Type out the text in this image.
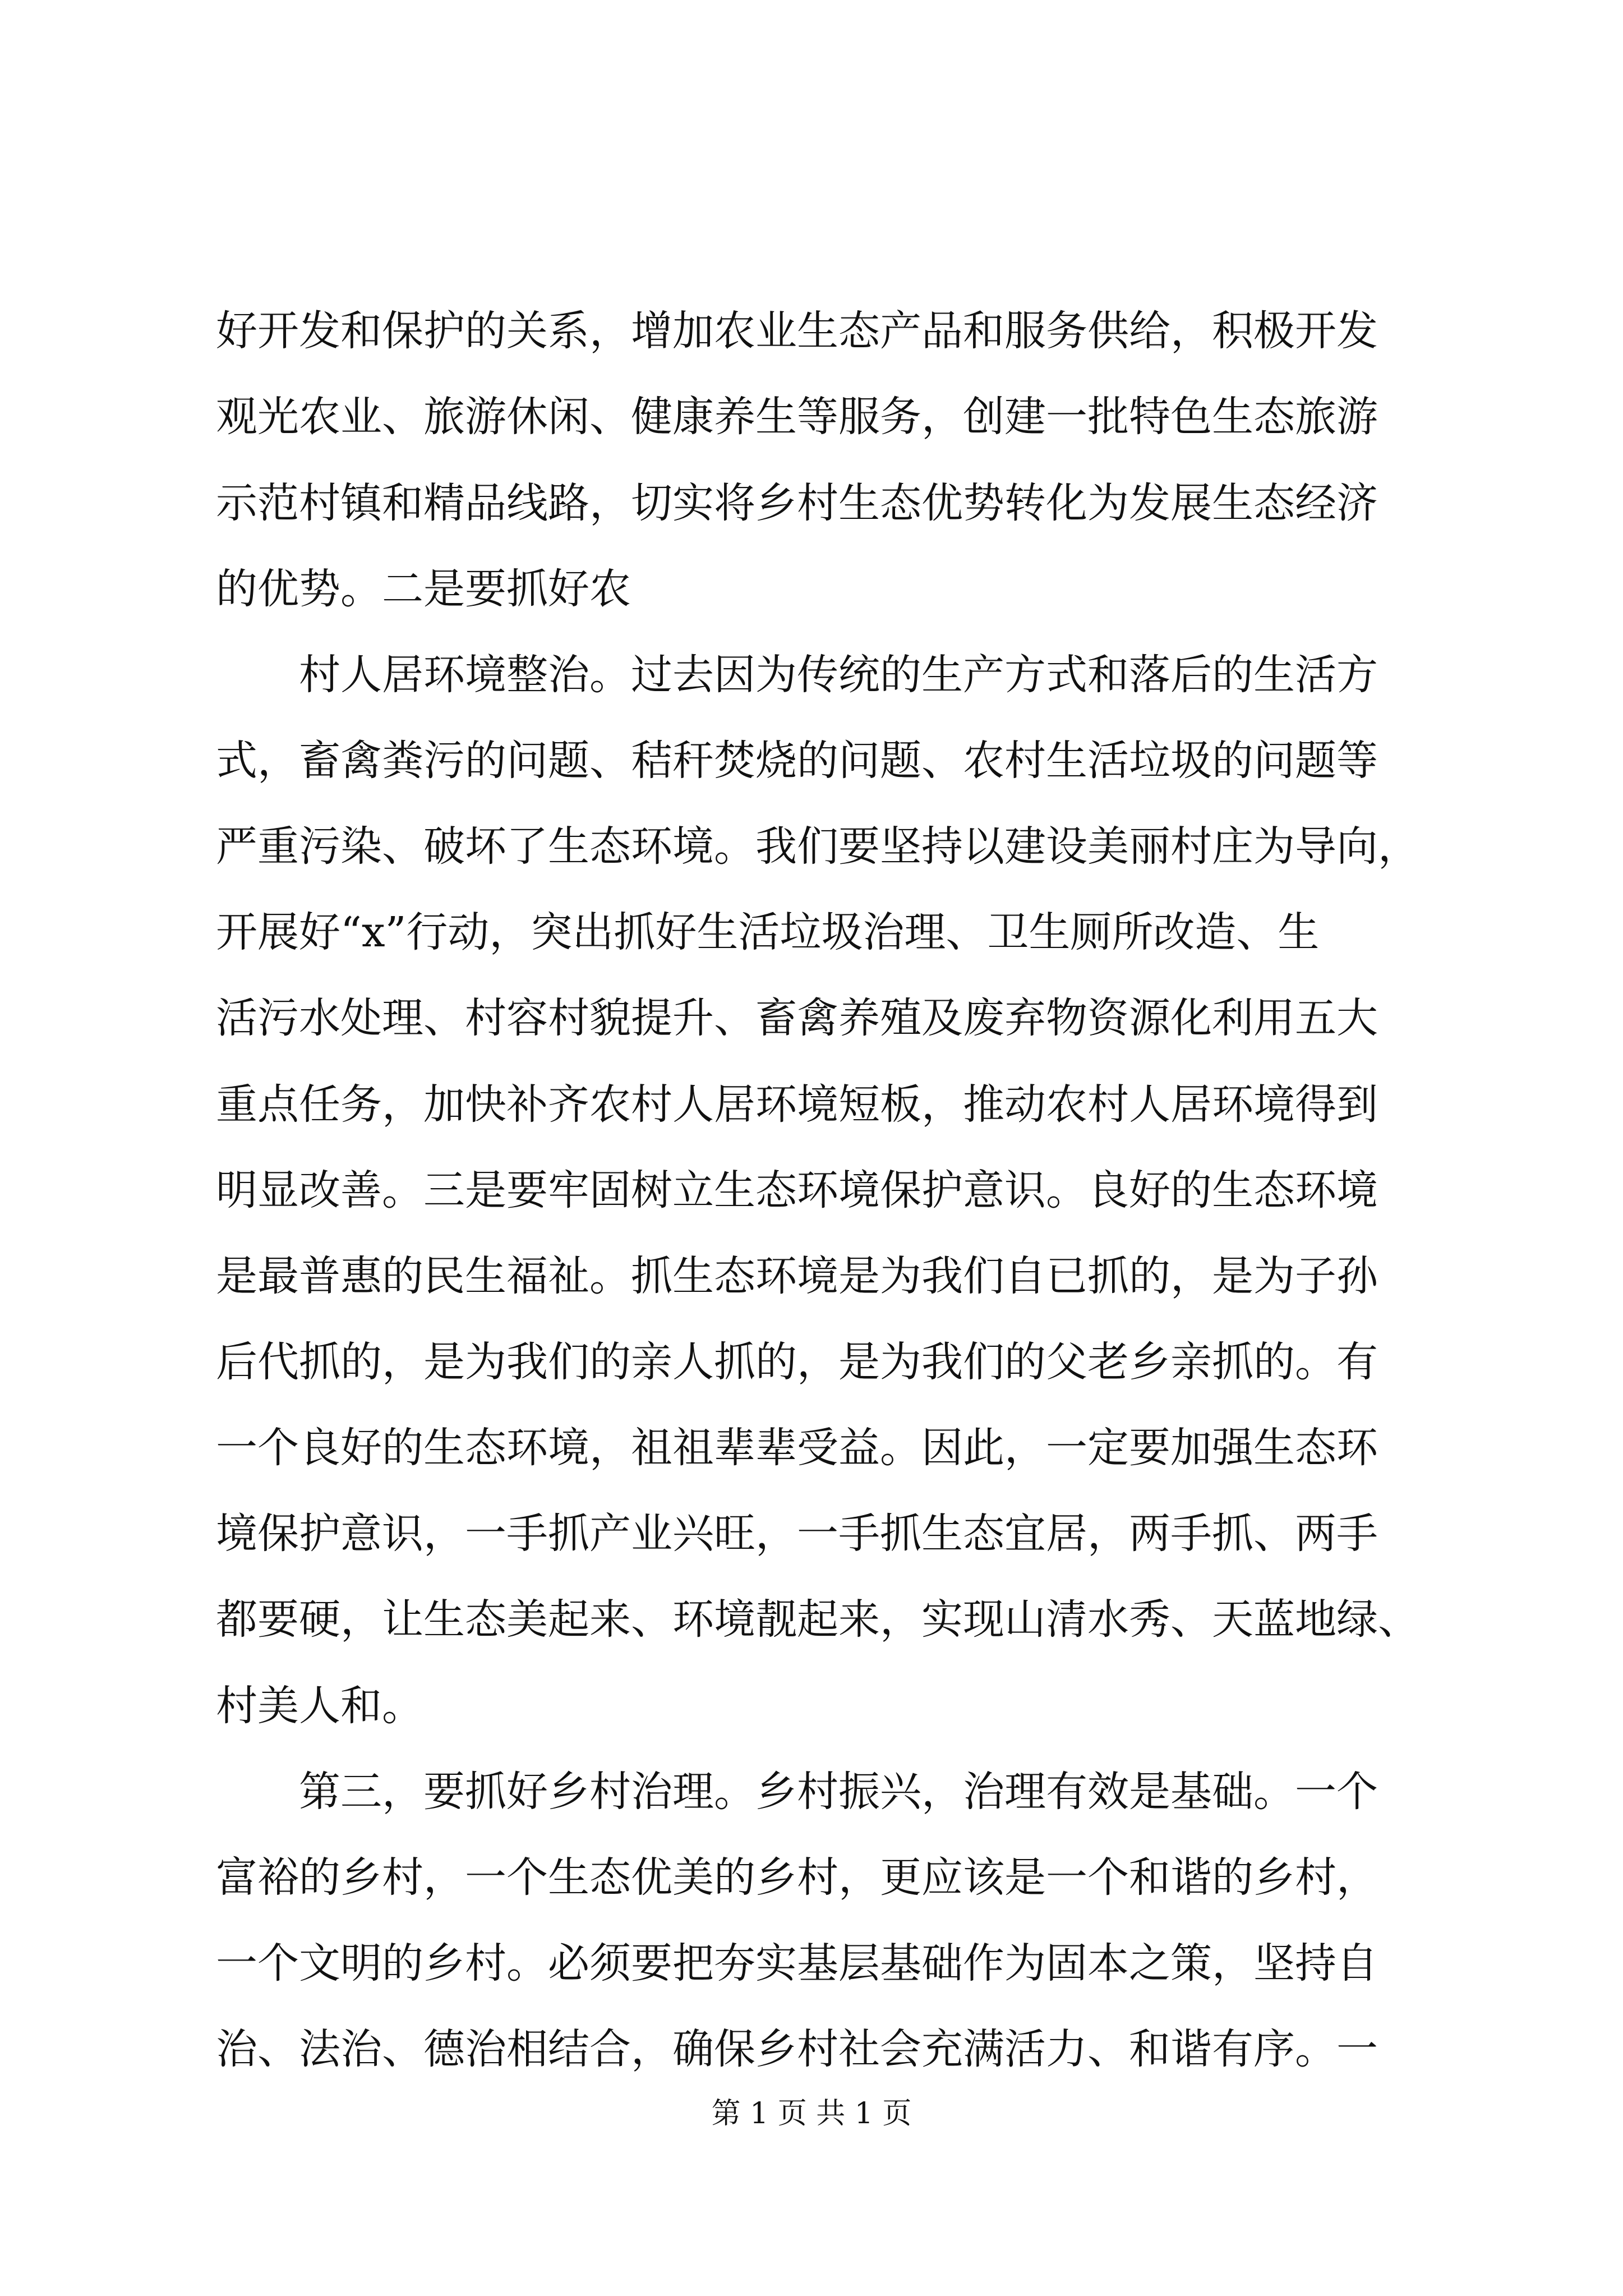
好开发和保护的关系，增加农业生态产品和服务供给，积极开发
观光农业、旅游休闲、健康养生等服务，创建一批特色生态旅游
示范村镇和精品线路，切实将乡村生态优势转化为发展生态经济
的优势。二是要抓好农
村人居环境整治。过去因为传统的生产方式和落后的生活方
式，畜禽粪污的问题、秸秆焚烧的问题、农村生活垃圾的问题等
严重污染、破坏了生态环境。我们要坚持以建设美丽村庄为导向，
开展好“x”行动，突出抓好生活垃圾治理、卫生厕所改造、生
活污水处理、村容村貌提升、畜禽养殖及废弃物资源化利用五大
重点任务，加快补齐农村人居环境短板，推动农村人居环境得到
明显改善。三是要牢固树立生态环境保护意识。良好的生态环境
是最普惠的民生福祉。抓生态环境是为我们自已抓的，是为子孙
后代抓的，是为我们的亲人抓的，是为我们的父老乡亲抓的。有
一个良好的生态环境，祖祖辈辈受益。因此，一定要加强生态环
境保护意识，一手抓产业兴旺，一手抓生态宜居，两手抓、两手
都要硬，让生态美起来、环境靓起来，实现山清水秀、天蓝地绿、
村美人和。
第三，要抓好乡村治理。乡村振兴，治理有效是基础。一个
富裕的乡村，一个生态优美的乡村，更应该是一个和谐的乡村，
一个文明的乡村。必须要把夯实基层基础作为固本之策，坚持自
治、法治、德治相结合，确保乡村社会充满活力、和谐有序。一
第 1 页 共 1 页
